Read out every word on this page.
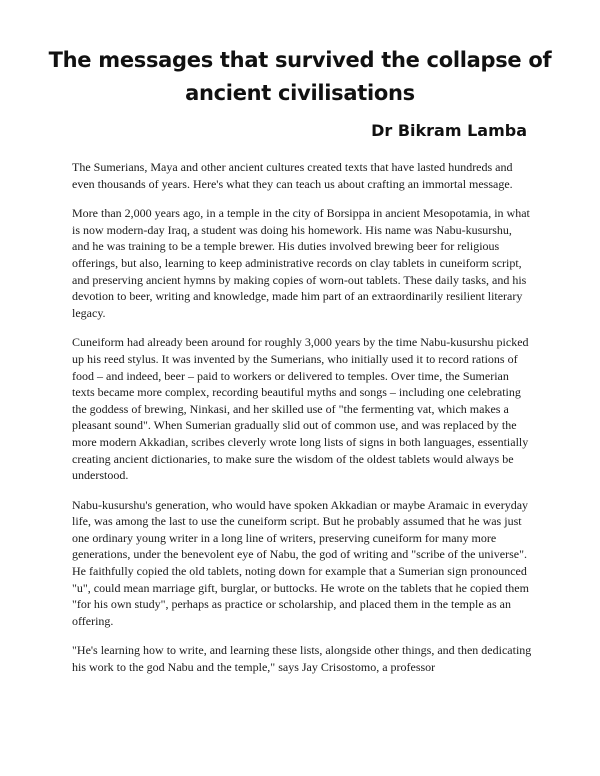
The messages that survived the collapse of ancient civilisations
Dr Bikram Lamba

The Sumerians, Maya and other ancient cultures created texts that have lasted hundreds and even thousands of years. Here's what they can teach us about crafting an immortal message.

More than 2,000 years ago, in a temple in the city of Borsippa in ancient Mesopotamia, in what is now modern-day Iraq, a student was doing his homework. His name was Nabu-kusurshu, and he was training to be a temple brewer. His duties involved brewing beer for religious offerings, but also, learning to keep administrative records on clay tablets in cuneiform script, and preserving ancient hymns by making copies of worn-out tablets. These daily tasks, and his devotion to beer, writing and knowledge, made him part of an extraordinarily resilient literary legacy.

Cuneiform had already been around for roughly 3,000 years by the time Nabu-kusurshu picked up his reed stylus. It was invented by the Sumerians, who initially used it to record rations of food – and indeed, beer – paid to workers or delivered to temples. Over time, the Sumerian texts became more complex, recording beautiful myths and songs – including one celebrating the goddess of brewing, Ninkasi, and her skilled use of "the fermenting vat, which makes a pleasant sound". When Sumerian gradually slid out of common use, and was replaced by the more modern Akkadian, scribes cleverly wrote long lists of signs in both languages, essentially creating ancient dictionaries, to make sure the wisdom of the oldest tablets would always be understood.

Nabu-kusurshu's generation, who would have spoken Akkadian or maybe Aramaic in everyday life, was among the last to use the cuneiform script. But he probably assumed that he was just one ordinary young writer in a long line of writers, preserving cuneiform for many more generations, under the benevolent eye of Nabu, the god of writing and "scribe of the universe". He faithfully copied the old tablets, noting down for example that a Sumerian sign pronounced "u", could mean marriage gift, burglar, or buttocks. He wrote on the tablets that he copied them "for his own study", perhaps as practice or scholarship, and placed them in the temple as an offering.

"He's learning how to write, and learning these lists, alongside other things, and then dedicating his work to the god Nabu and the temple," says Jay Crisostomo, a professor
